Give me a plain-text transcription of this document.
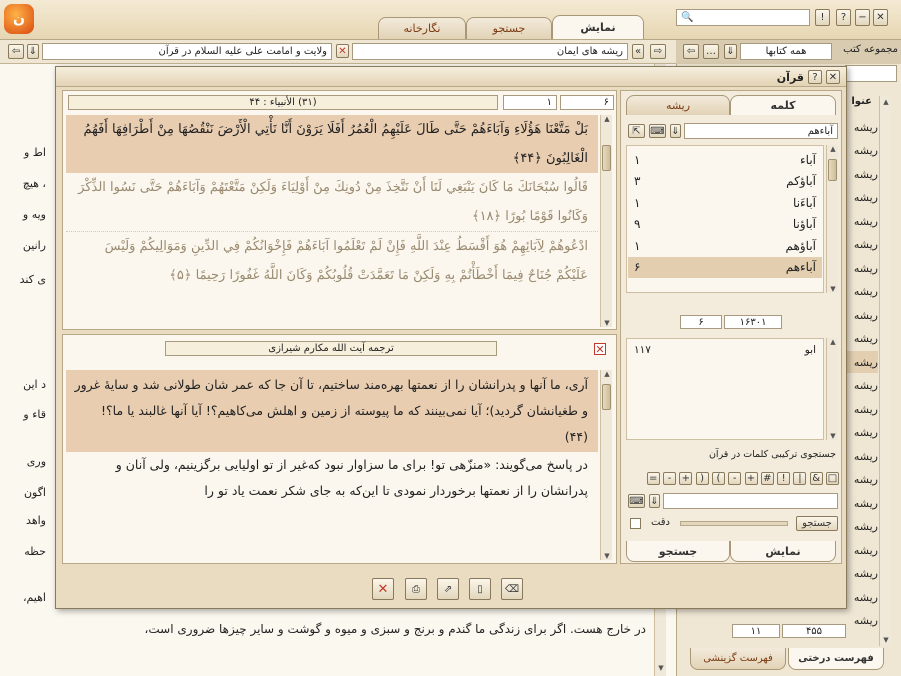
ن
نمایش
جستجو
نگارخانه
🔍	! ? − ✕
⇦ ⇓	ولایت و امامت علی علیه السلام در قرآن ✕	ریشه های ایمان « ⇨ ⇦ … ⇓	همه کتابها	مجموعه کتب
اط و
، هیچ
ویه و
رانین
ی کند
د این
قاء و
ورى
اگون
واهد
حظه
اهیم،
در خارج هست. اگر برای زندگی ما گندم و برنج و سبزی و میوه و گوشت و سایر چیزها ضروری است،
▼
عنوا
ریشه
ریشه
ریشه
ریشه
ریشه
ریشه
ریشه
ریشه
ریشه
ریشه
ریشه
ریشه
ریشه
ریشه
ریشه
ریشه
ریشه
ریشه
ریشه
ریشه
ریشه
ریشه
▲
▼
۴۵۵
۱۱
فهرست درختی
فهرست گزینشی
✕
?
قرآن
(۳۱) الأنبیاء : ۴۴	۱	۶
بَلْ مَتَّعْنَا هَؤُلَاءِ وَآبَاءَهُمْ حَتَّى طَالَ عَلَيْهِمُ الْعُمُرُ أَفَلَا يَرَوْنَ أَنَّا نَأْتِي الْأَرْضَ نَنْقُصُهَا مِنْ أَطْرَافِهَا أَفَهُمُ الْغَالِبُونَ ﴿۴۴﴾
قَالُوا سُبْحَانَكَ مَا كَانَ يَنْبَغِي لَنَا أَنْ نَتَّخِذَ مِنْ دُونِكَ مِنْ أَوْلِيَاءَ وَلَكِنْ مَتَّعْتَهُمْ وَآبَاءَهُمْ حَتَّى نَسُوا الذِّكْرَ وَكَانُوا قَوْمًا بُورًا ﴿۱۸﴾
ادْعُوهُمْ لِآبَائِهِمْ هُوَ أَقْسَطُ عِنْدَ اللَّهِ فَإِنْ لَمْ تَعْلَمُوا آبَاءَهُمْ فَإِخْوَانُكُمْ فِي الدِّينِ وَمَوَالِيكُمْ وَلَيْسَ عَلَيْكُمْ جُنَاحٌ فِيمَا أَخْطَأْتُمْ بِهِ وَلَكِنْ مَا تَعَمَّدَتْ قُلُوبُكُمْ وَكَانَ اللَّهُ غَفُورًا رَحِيمًا ﴿۵﴾
▲
▼
ترجمه آیت الله مکارم شیرازی	✕
آری، ما آنها و پدرانشان را از نعمتها بهره‌مند ساختیم، تا آن جا که عمر شان طولانی شد و سایهٔ غرور و طغیانشان گردید)؛ آیا نمی‌بینند که ما پیوسته از زمین و اهلش می‌کاهیم؟! آیا آنها غالبند یا ما؟! (۴۴)
در پاسخ می‌گویند: «منزّهی تو! برای ما سزاوار نبود که‌غیر از تو اولیایی برگزینیم، ولی آنان و پدرانشان را از نعمتها برخوردار نمودی تا این‌که به جای شکر نعمت یاد تو را
▲
▼
کلمه
ریشه
⇱ ⌨ ⇓	آباءهم
۱	آباء
۳	آباؤکم
۱	آباءَنا
۹	آباؤنا
۱	آباؤهم
۶	آباءهم
▲
▼
۱۶۳۰۱
۶
۱۱۷	ابو
▲
▼
جستجوی ترکیبی کلمات در قرآن
□
&
|
!
#
+
-
(
)
+
-
=
⌨ ⇓
جستجو
دقت
نمایش
جستجو
✕ ⎙ ⇗	▯ ⌫
